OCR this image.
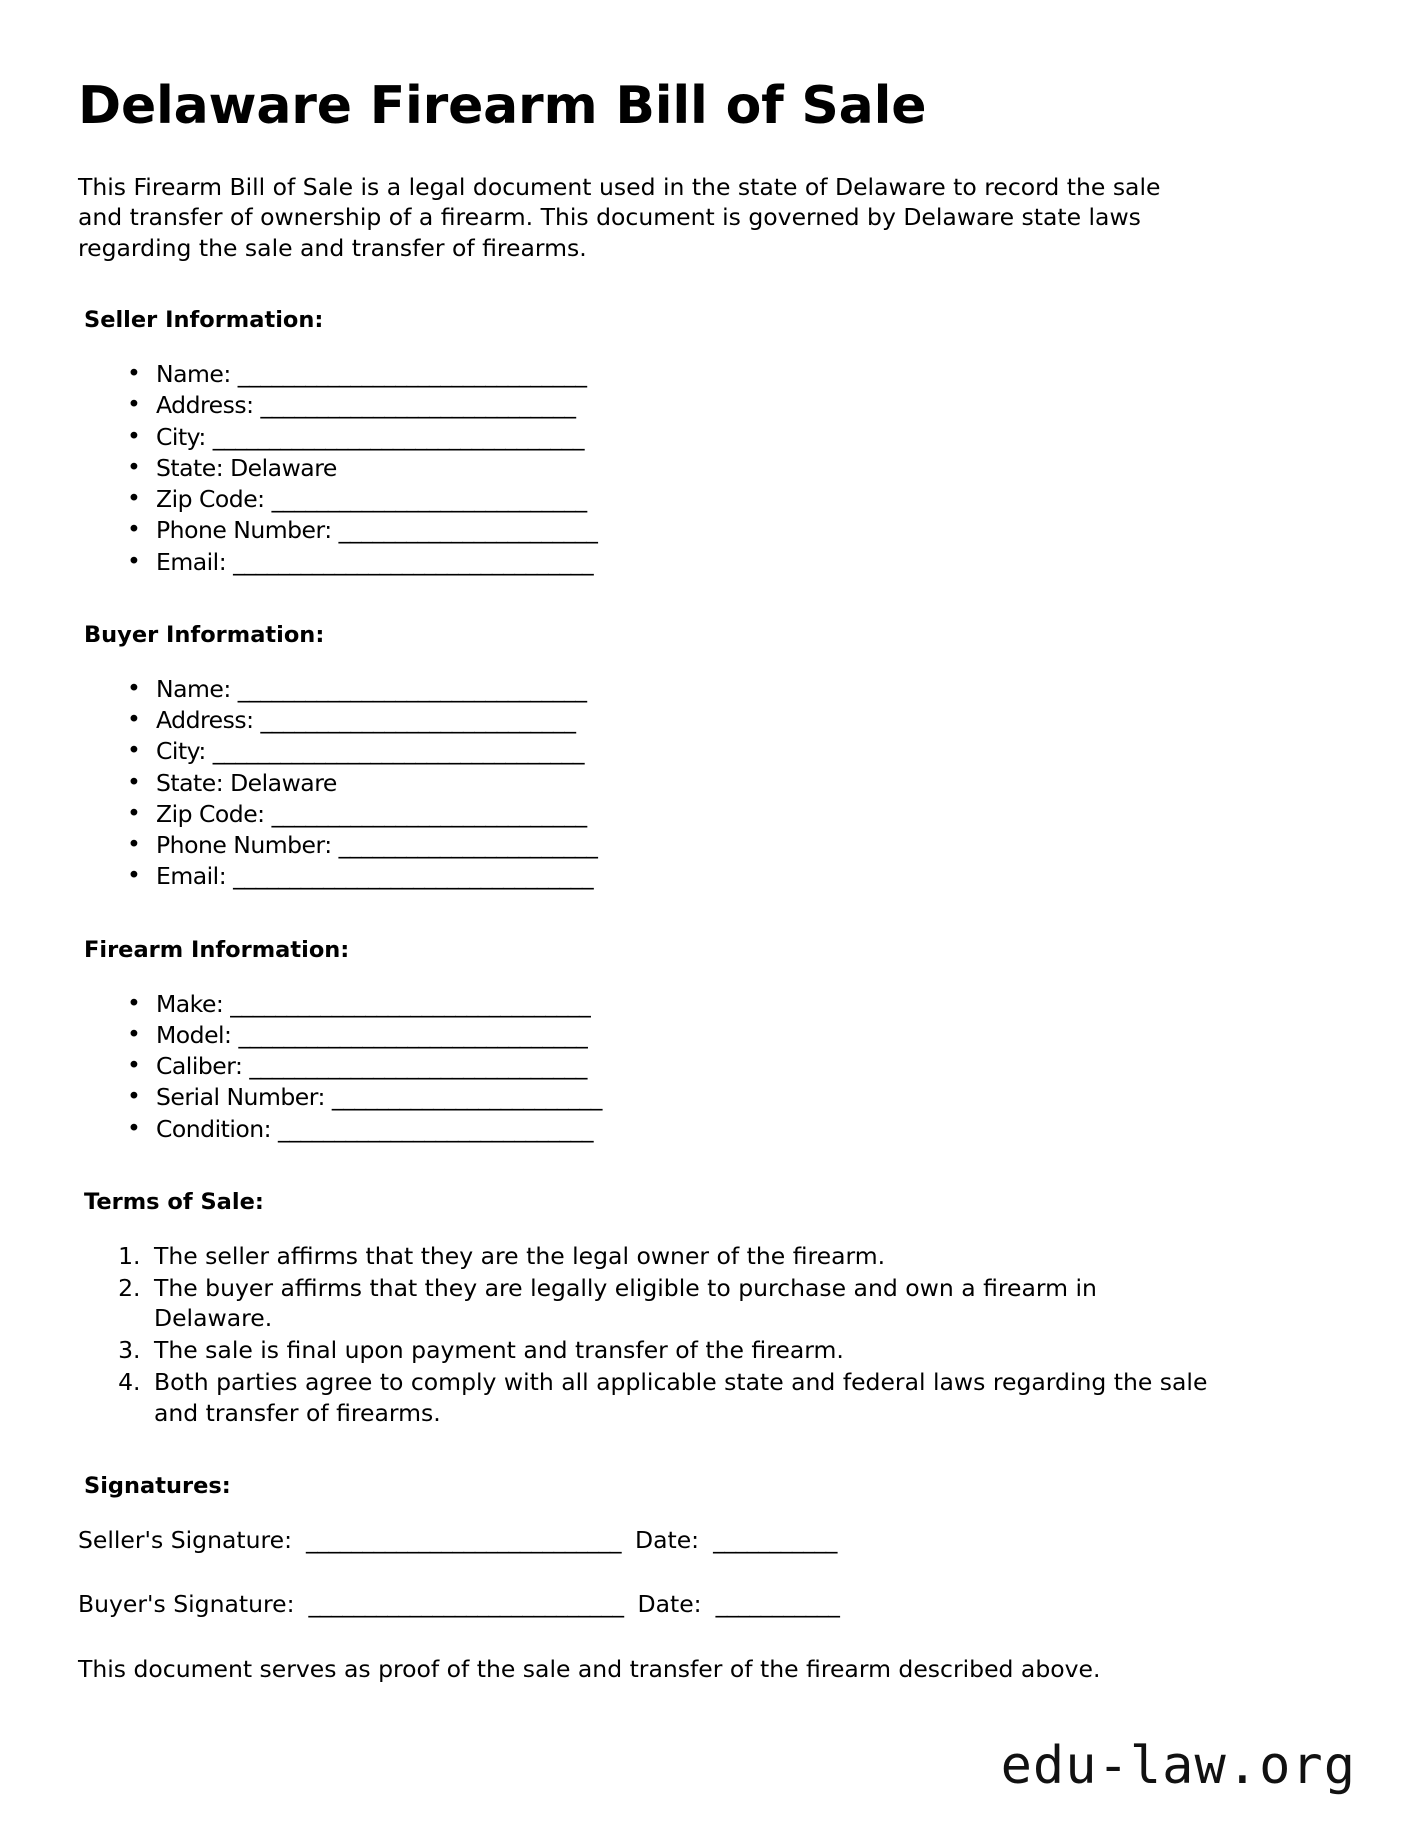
Delaware Firearm Bill of Sale

This Firearm Bill of Sale is a legal document used in the state of Delaware to record the sale and transfer of ownership of a firearm. This document is governed by Delaware state laws regarding the sale and transfer of firearms.

Seller Information:
• Name: _______________________________
• Address: ____________________________
• City: _________________________________
• State: Delaware
• Zip Code: ____________________________
• Phone Number: _______________________
• Email: ________________________________
Buyer Information:
• Name: _______________________________
• Address: ____________________________
• City: _________________________________
• State: Delaware
• Zip Code: ____________________________
• Phone Number: _______________________
• Email: ________________________________
Firearm Information:
• Make: ________________________________
• Model: _______________________________
• Caliber: ______________________________
• Serial Number: ________________________
• Condition: ____________________________
Terms of Sale:
1. The seller affirms that they are the legal owner of the firearm.
2. The buyer affirms that they are legally eligible to purchase and own a firearm in Delaware.
3. The sale is final upon payment and transfer of the firearm.
4. Both parties agree to comply with all applicable state and federal laws regarding the sale and transfer of firearms.
Signatures:
Seller's Signature: ____________________________ Date: ___________
Buyer's Signature: ____________________________ Date: ___________

This document serves as proof of the sale and transfer of the firearm described above.

edu-law.org
